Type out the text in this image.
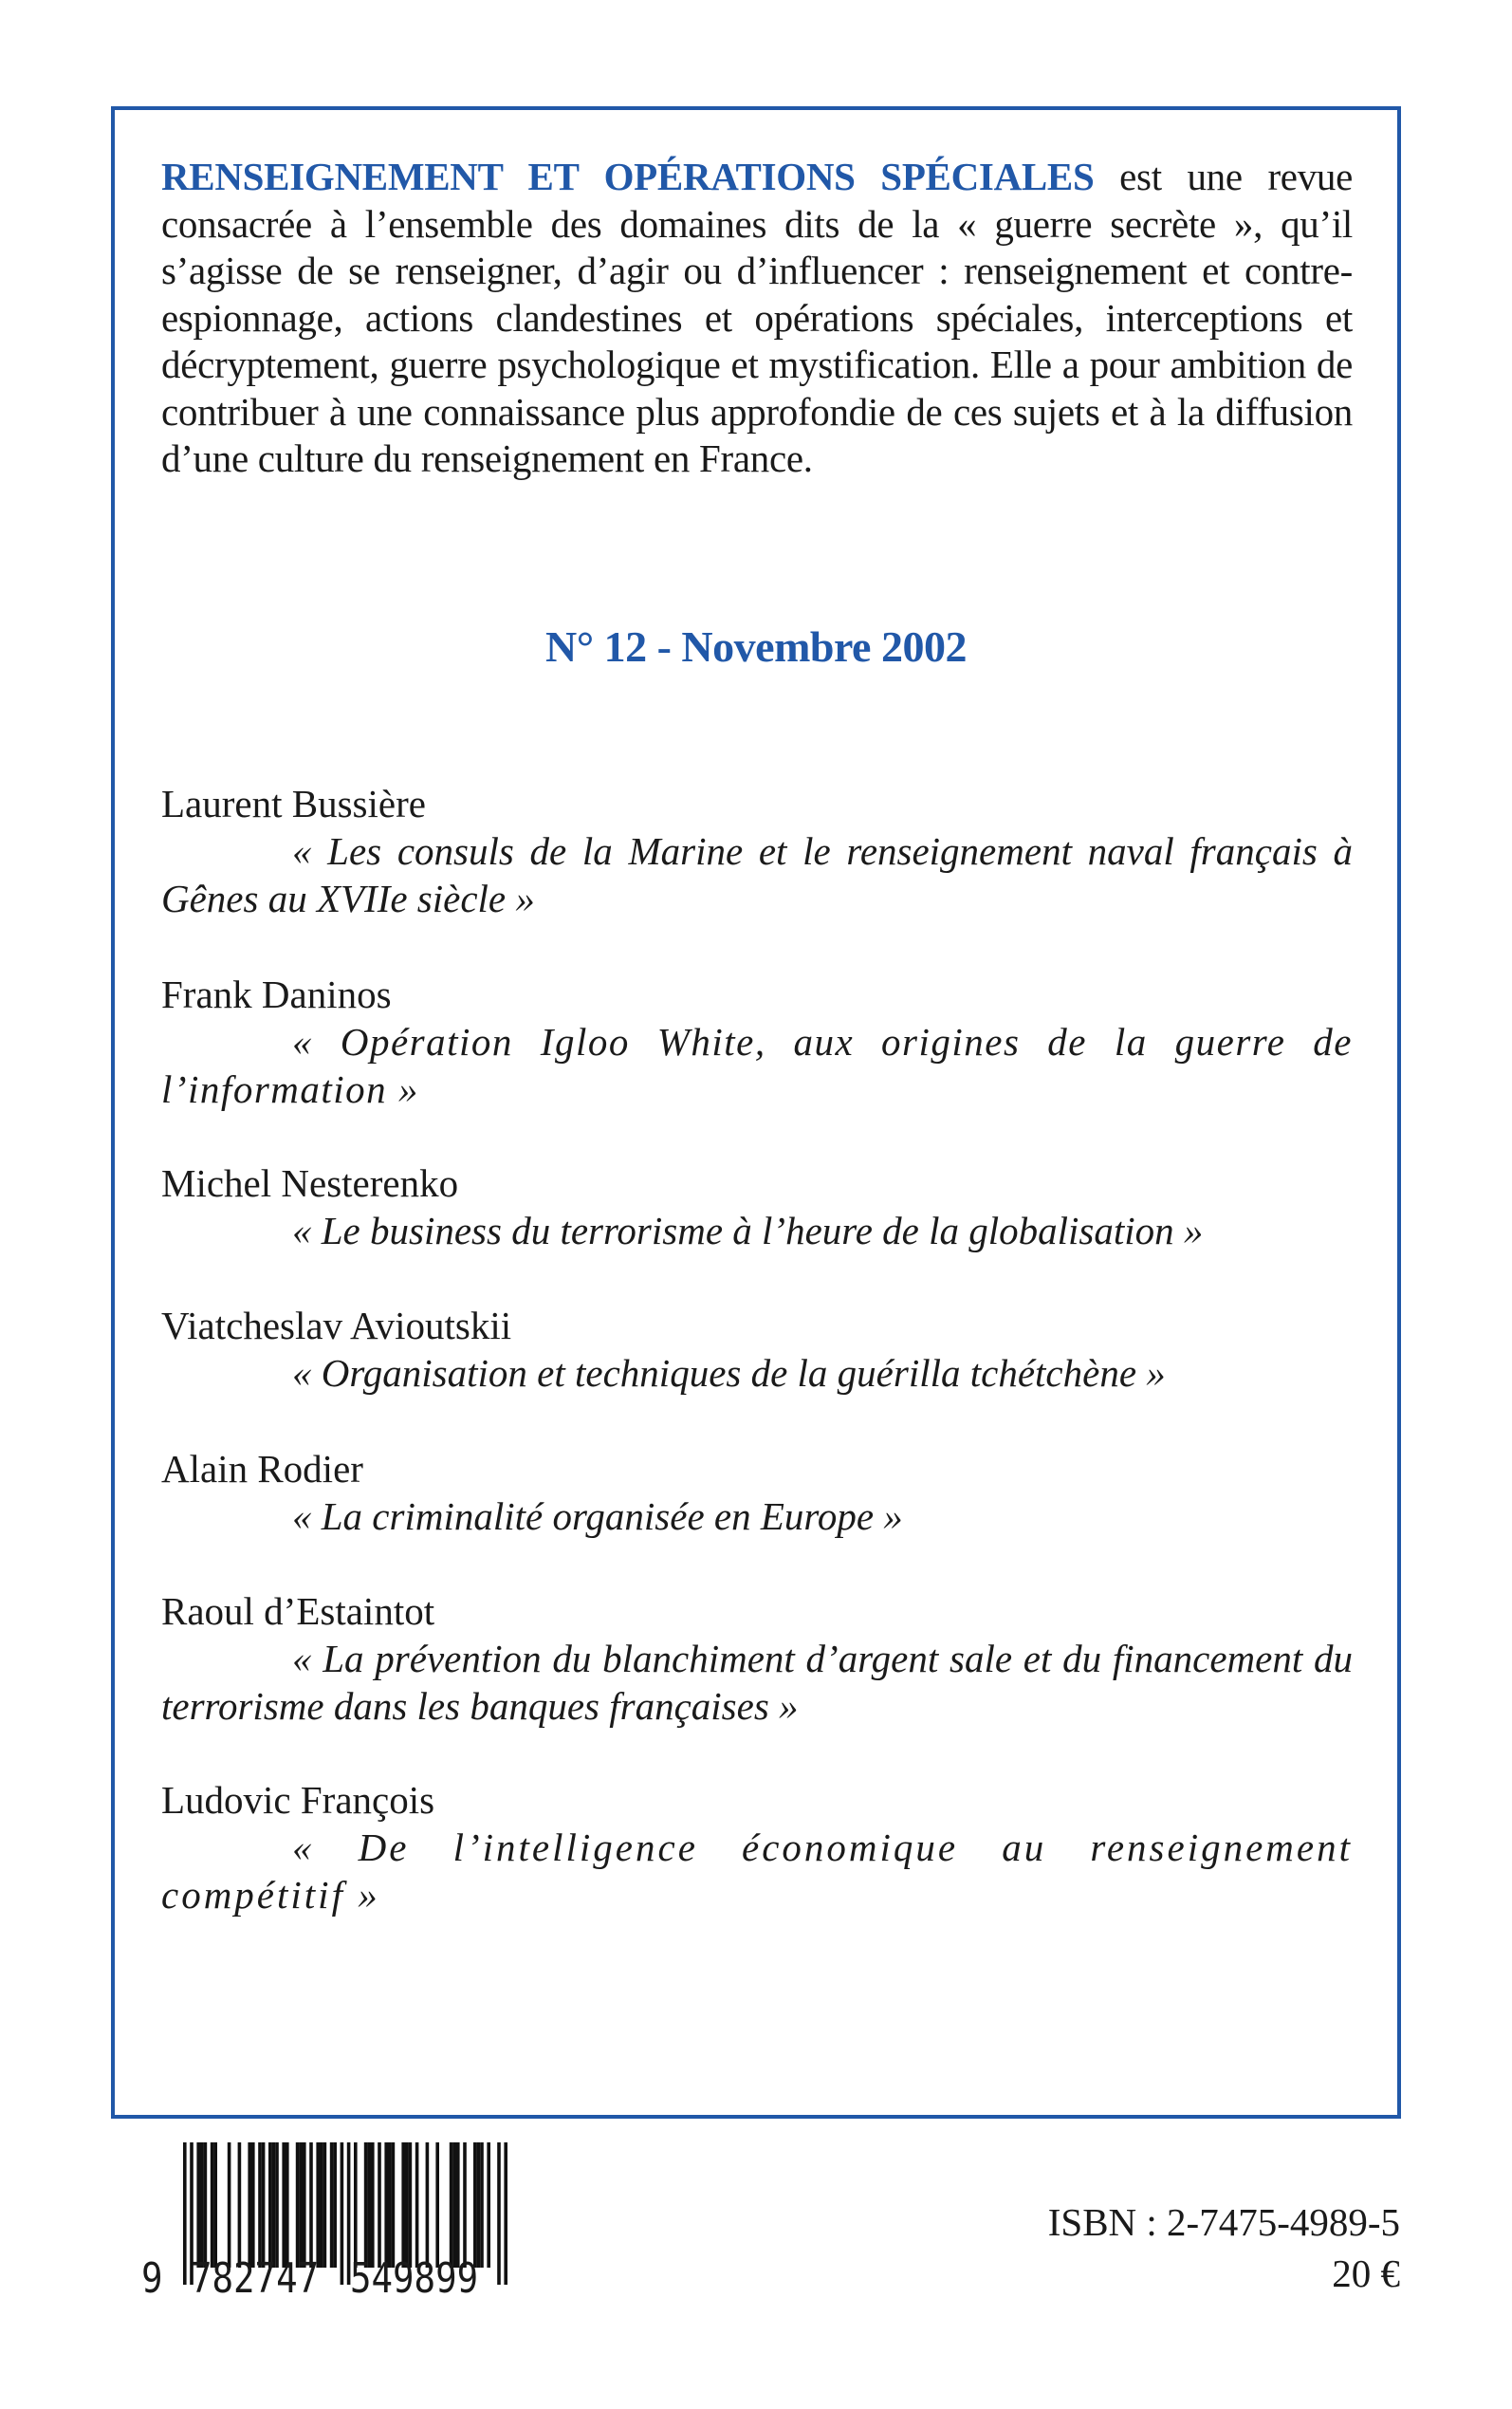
RENSEIGNEMENT ET OPÉRATIONS SPÉCIALES est une revue consacrée à l’ensemble des domaines dits de la « guerre secrète », qu’il s’agisse de se renseigner, d’agir ou d’influencer : renseignement et contre-espionnage, actions clandestines et opérations spéciales, interceptions et décryptement, guerre psychologique et mystification. Elle a pour ambition de contribuer à une connaissance plus approfondie de ces sujets et à la diffusion d’une culture du renseignement en France.

N° 12 - Novembre 2002
Laurent Bussière
« Les consuls de la Marine et le renseignement naval français à Gênes au XVIIe siècle »
Frank Daninos
« Opération Igloo White, aux origines de la guerre de l’information »
Michel Nesterenko
« Le business du terrorisme à l’heure de la globalisation »
Viatcheslav Avioutskii
« Organisation et techniques de la guérilla tchétchène »
Alain Rodier
« La criminalité organisée en Europe »
Raoul d’Estaintot
« La prévention du blanchiment d’argent sale et du financement du terrorisme dans les banques françaises »
Ludovic François
« De l’intelligence économique au renseignement compétitif »
9 782747 549899
ISBN : 2-7475-4989-5
20 €
